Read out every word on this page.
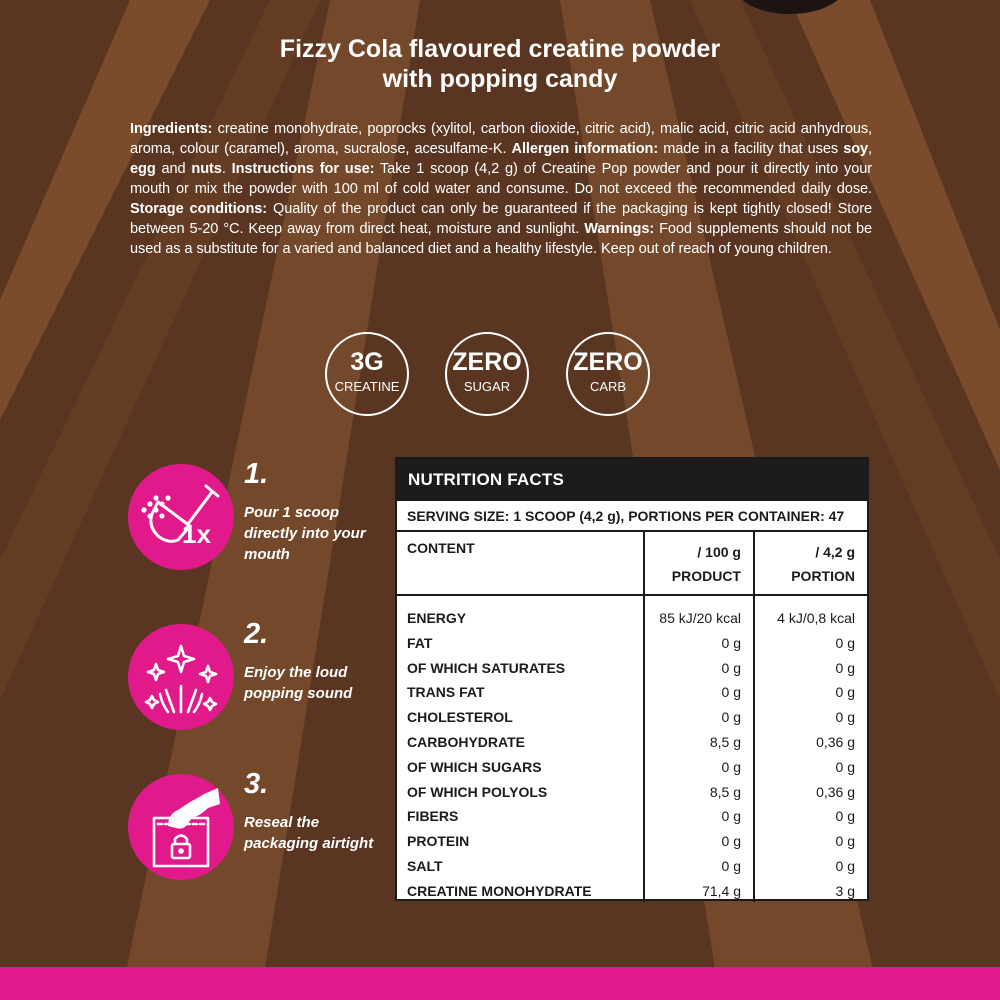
Fizzy Cola flavoured creatine powder
with popping candy
Ingredients: creatine monohydrate, poprocks (xylitol, carbon dioxide, citric acid), malic acid, citric acid anhydrous, aroma, colour (caramel), aroma, sucralose, acesulfame-K. Allergen information: made in a facility that uses soy, egg and nuts. Instructions for use: Take 1 scoop (4,2 g) of Creatine Pop powder and pour it directly into your mouth or mix the powder with 100 ml of cold water and consume. Do not exceed the recommended daily dose. Storage conditions: Quality of the product can only be guaranteed if the packaging is kept tightly closed! Store between 5-20 °C. Keep away from direct heat, moisture and sunlight. Warnings: Food supplements should not be used as a substitute for a varied and balanced diet and a healthy lifestyle. Keep out of reach of young children.
3G
CREATINE
ZERO
SUGAR
ZERO
CARB
1x
1.
Pour 1 scoop directly into your mouth
2.
Enjoy the loud popping sound
3.
Reseal the packaging airtight
NUTRITION FACTS
SERVING SIZE: 1 SCOOP (4,2 g), PORTIONS PER CONTAINER: 47
CONTENT	/ 100 g
PRODUCT
/ 4,2 g
PORTION
ENERGY	85 kJ/20 kcal	4 kJ/0,8 kcal
FAT	0 g	0 g
OF WHICH SATURATES	0 g	0 g
TRANS FAT	0 g	0 g
CHOLESTEROL	0 g	0 g
CARBOHYDRATE	8,5 g	0,36 g
OF WHICH SUGARS	0 g	0 g
OF WHICH POLYOLS	8,5 g	0,36 g
FIBERS	0 g	0 g
PROTEIN	0 g	0 g
SALT	0 g	0 g
CREATINE MONOHYDRATE	71,4 g	3 g
